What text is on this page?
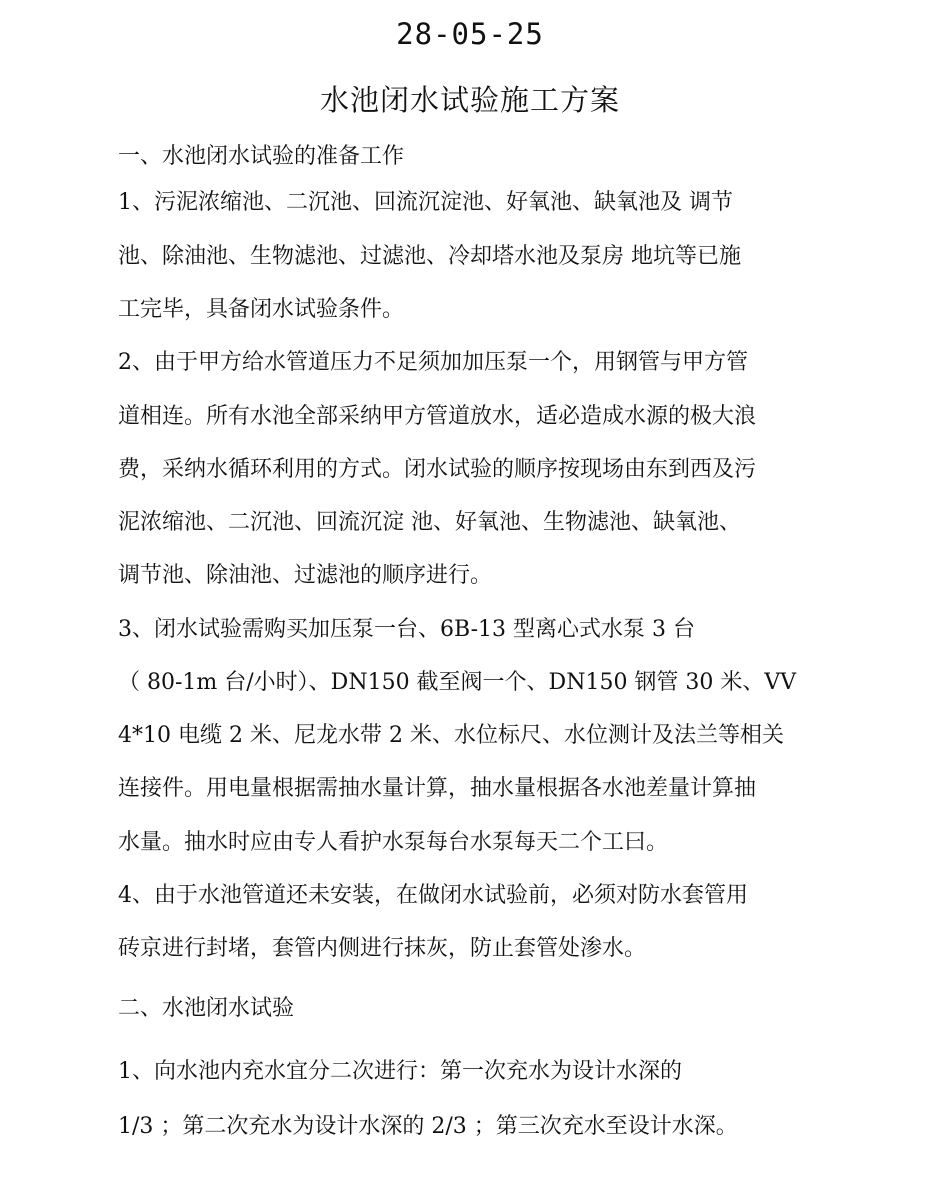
28-05-25
水池闭水试验施工方案
一、水池闭水试验的准备工作
1、污泥浓缩池、二沉池、回流沉淀池、好氧池、缺氧池及 调节
池、除油池、生物滤池、过滤池、冷却塔水池及泵房 地坑等已施
工完毕，具备闭水试验条件。
2、由于甲方给水管道压力不足须加加压泵一个，用钢管与甲方管
道相连。所有水池全部采纳甲方管道放水，适必造成水源的极大浪
费，采纳水循环利用的方式。闭水试验的顺序按现场由东到西及污
泥浓缩池、二沉池、回流沉淀 池、好氧池、生物滤池、缺氧池、
调节池、除油池、过滤池的顺序进行。
3、闭水试验需购买加压泵一台、6B-13 型离心式水泵 3 台
（ 80-1m 台/小时）、DN150 截至阀一个、DN150 钢管 30 米、VV
4*10 电缆 2 米、尼龙水带 2 米、水位标尺、水位测计及法兰等相关
连接件。用电量根据需抽水量计算，抽水量根据各水池差量计算抽
水量。抽水时应由专人看护水泵每台水泵每天二个工曰。
4、由于水池管道还未安装，在做闭水试验前，必须对防水套管用
砖京进行封堵，套管内侧进行抹灰，防止套管处渗水。
二、水池闭水试验
1、向水池内充水宜分二次进行：第一次充水为设计水深的
1/3 ；第二次充水为设计水深的 2/3 ；第三次充水至设计水深。
